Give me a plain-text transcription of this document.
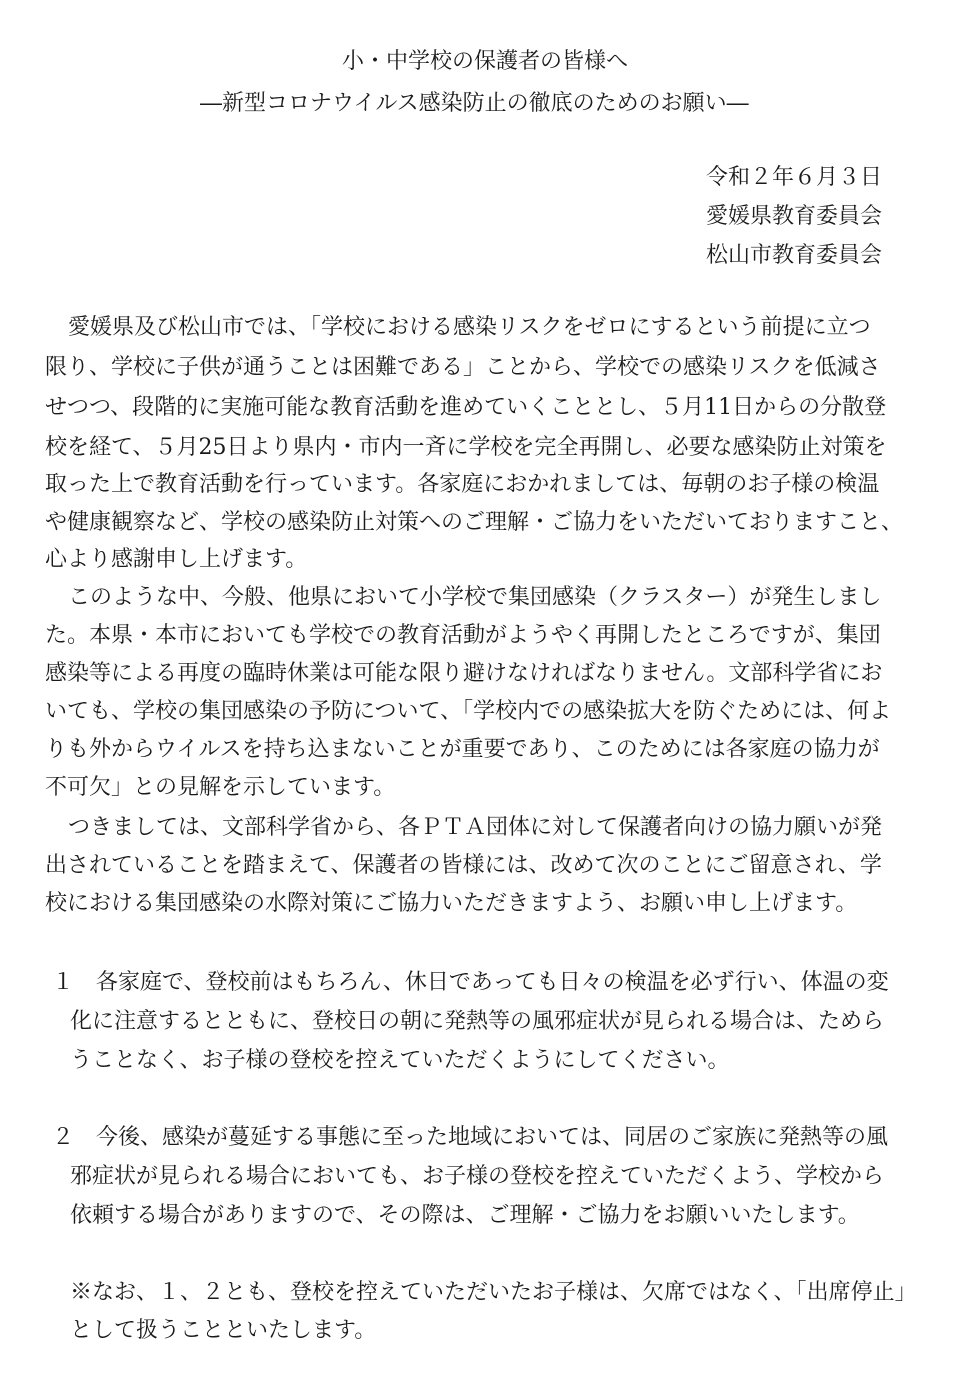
小・中学校の保護者の皆様へ
―新型コロナウイルス感染防止の徹底のためのお願い―
令和２年６月３日
愛媛県教育委員会
松山市教育委員会
愛媛県及び松山市では、「学校における感染リスクをゼロにするという前提に立つ
限り、学校に子供が通うことは困難である」ことから、学校での感染リスクを低減さ
せつつ、段階的に実施可能な教育活動を進めていくこととし、５月11日からの分散登
校を経て、５月25日より県内・市内一斉に学校を完全再開し、必要な感染防止対策を
取った上で教育活動を行っています。各家庭におかれましては、毎朝のお子様の検温
や健康観察など、学校の感染防止対策へのご理解・ご協力をいただいておりますこと、
心より感謝申し上げます。
このような中、今般、他県において小学校で集団感染（クラスター）が発生しまし
た。本県・本市においても学校での教育活動がようやく再開したところですが、集団
感染等による再度の臨時休業は可能な限り避けなければなりません。文部科学省にお
いても、学校の集団感染の予防について、「学校内での感染拡大を防ぐためには、何よ
りも外からウイルスを持ち込まないことが重要であり、このためには各家庭の協力が
不可欠」との見解を示しています。
つきましては、文部科学省から、各ＰＴＡ団体に対して保護者向けの協力願いが発
出されていることを踏まえて、保護者の皆様には、改めて次のことにご留意され、学
校における集団感染の水際対策にご協力いただきますよう、お願い申し上げます。
１　各家庭で、登校前はもちろん、休日であっても日々の検温を必ず行い、体温の変
化に注意するとともに、登校日の朝に発熱等の風邪症状が見られる場合は、ためら
うことなく、お子様の登校を控えていただくようにしてください。
２　今後、感染が蔓延する事態に至った地域においては、同居のご家族に発熱等の風
邪症状が見られる場合においても、お子様の登校を控えていただくよう、学校から
依頼する場合がありますので、その際は、ご理解・ご協力をお願いいたします。
※なお、１、２とも、登校を控えていただいたお子様は、欠席ではなく、「出席停止」
として扱うことといたします。
